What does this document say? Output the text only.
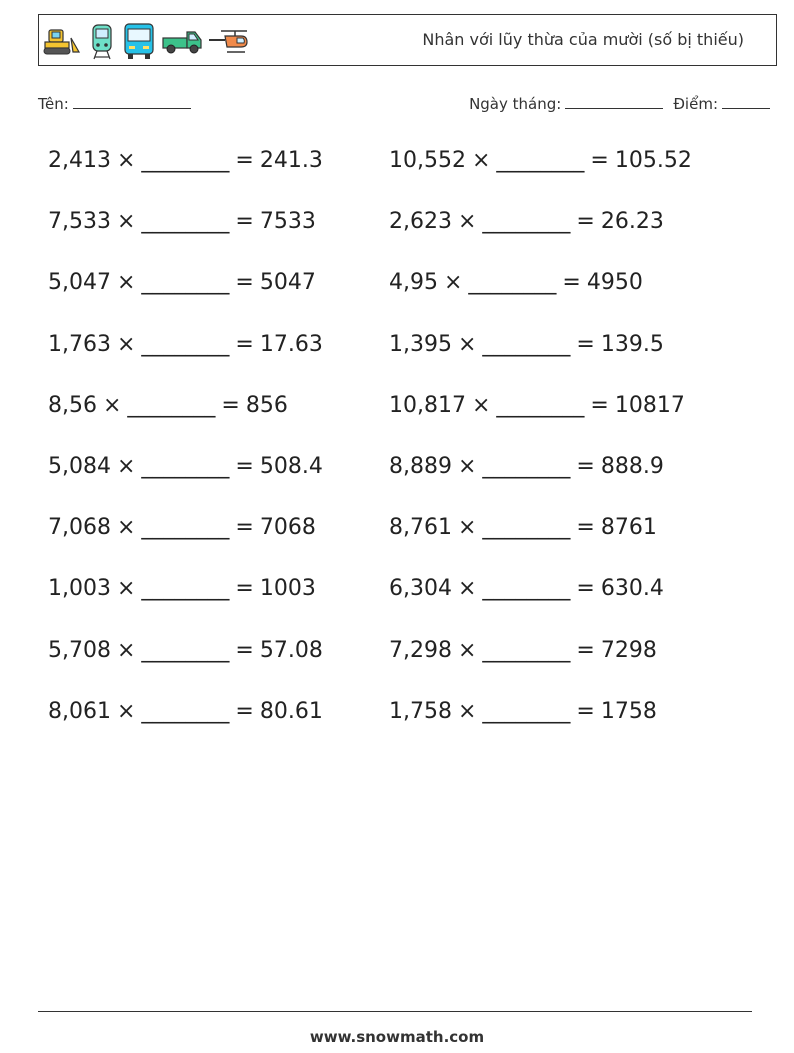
Nhân với lũy thừa của mười (số bị thiếu)
Tên:	Ngày tháng:	Điểm:
2,413 × ________ = 241.3	10,552 × ________ = 105.52
7,533 × ________ = 7533	2,623 × ________ = 26.23
5,047 × ________ = 5047	4,95 × ________ = 4950
1,763 × ________ = 17.63	1,395 × ________ = 139.5
8,56 × ________ = 856	10,817 × ________ = 10817
5,084 × ________ = 508.4	8,889 × ________ = 888.9
7,068 × ________ = 7068	8,761 × ________ = 8761
1,003 × ________ = 1003	6,304 × ________ = 630.4
5,708 × ________ = 57.08	7,298 × ________ = 7298
8,061 × ________ = 80.61	1,758 × ________ = 1758
www.snowmath.com
